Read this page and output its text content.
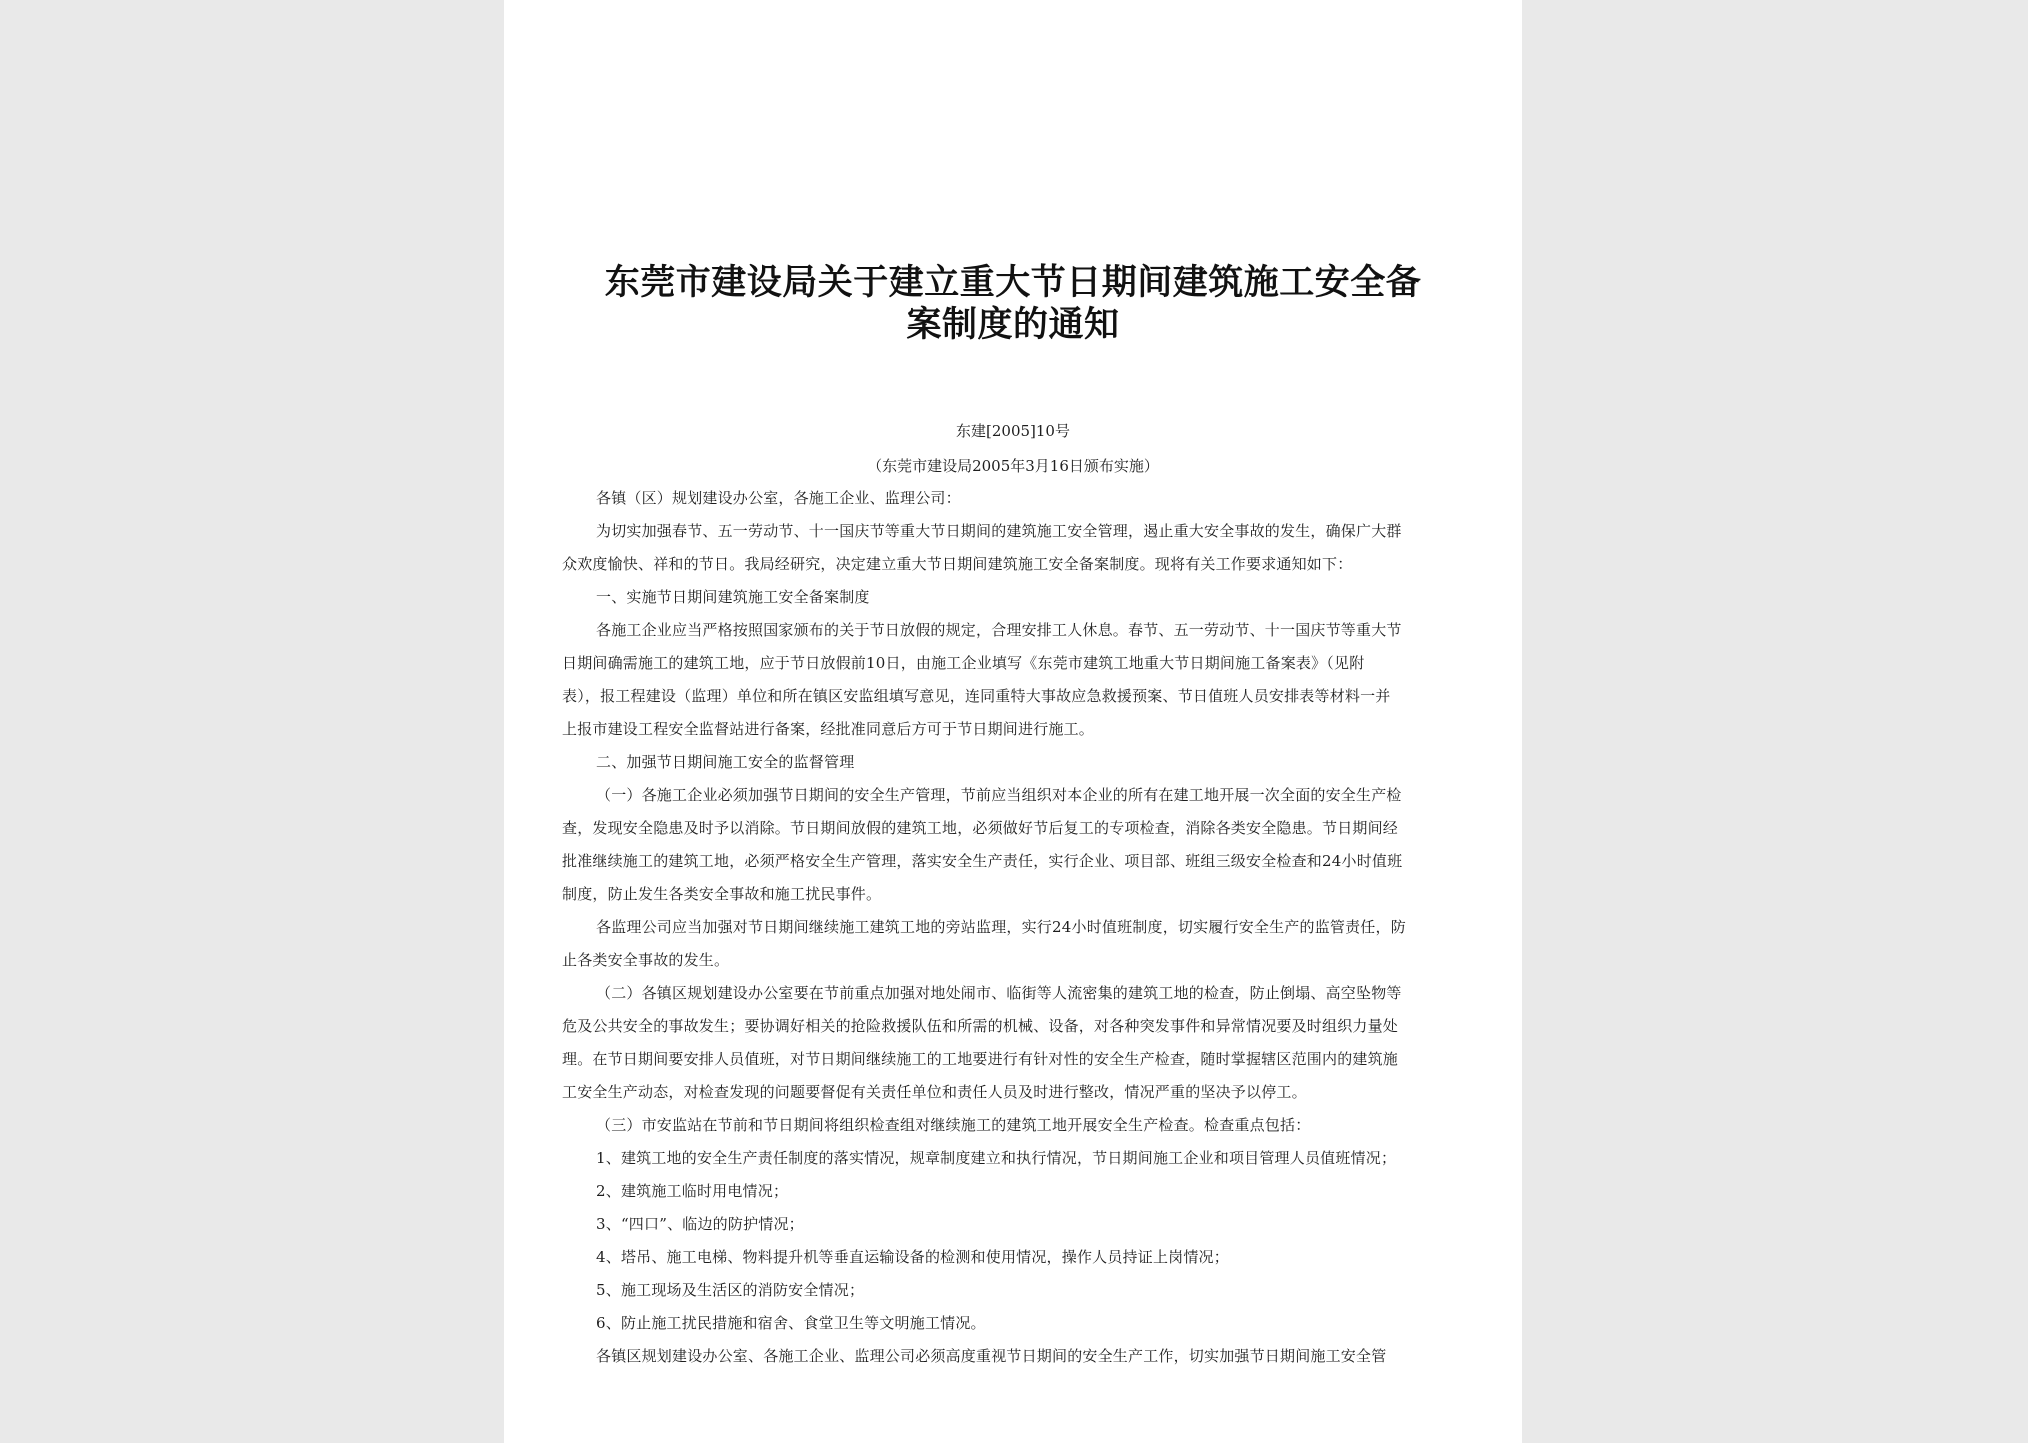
东莞市建设局关于建立重大节日期间建筑施工安全备
案制度的通知
东建[2005]10号
（东莞市建设局2005年3月16日颁布实施）
各镇（区）规划建设办公室，各施工企业、监理公司：
为切实加强春节、五一劳动节、十一国庆节等重大节日期间的建筑施工安全管理，遏止重大安全事故的发生，确保广大群
众欢度愉快、祥和的节日。我局经研究，决定建立重大节日期间建筑施工安全备案制度。现将有关工作要求通知如下：
一、实施节日期间建筑施工安全备案制度
各施工企业应当严格按照国家颁布的关于节日放假的规定，合理安排工人休息。春节、五一劳动节、十一国庆节等重大节
日期间确需施工的建筑工地，应于节日放假前10日，由施工企业填写《东莞市建筑工地重大节日期间施工备案表》（见附
表），报工程建设（监理）单位和所在镇区安监组填写意见，连同重特大事故应急救援预案、节日值班人员安排表等材料一并
上报市建设工程安全监督站进行备案，经批准同意后方可于节日期间进行施工。
二、加强节日期间施工安全的监督管理
（一）各施工企业必须加强节日期间的安全生产管理，节前应当组织对本企业的所有在建工地开展一次全面的安全生产检
查，发现安全隐患及时予以消除。节日期间放假的建筑工地，必须做好节后复工的专项检查，消除各类安全隐患。节日期间经
批准继续施工的建筑工地，必须严格安全生产管理，落实安全生产责任，实行企业、项目部、班组三级安全检查和24小时值班
制度，防止发生各类安全事故和施工扰民事件。
各监理公司应当加强对节日期间继续施工建筑工地的旁站监理，实行24小时值班制度，切实履行安全生产的监管责任，防
止各类安全事故的发生。
（二）各镇区规划建设办公室要在节前重点加强对地处闹市、临街等人流密集的建筑工地的检查，防止倒塌、高空坠物等
危及公共安全的事故发生；要协调好相关的抢险救援队伍和所需的机械、设备，对各种突发事件和异常情况要及时组织力量处
理。在节日期间要安排人员值班，对节日期间继续施工的工地要进行有针对性的安全生产检查，随时掌握辖区范围内的建筑施
工安全生产动态，对检查发现的问题要督促有关责任单位和责任人员及时进行整改，情况严重的坚决予以停工。
（三）市安监站在节前和节日期间将组织检查组对继续施工的建筑工地开展安全生产检查。检查重点包括：
1、建筑工地的安全生产责任制度的落实情况，规章制度建立和执行情况，节日期间施工企业和项目管理人员值班情况；
2、建筑施工临时用电情况；
3、“四口”、临边的防护情况；
4、塔吊、施工电梯、物料提升机等垂直运输设备的检测和使用情况，操作人员持证上岗情况；
5、施工现场及生活区的消防安全情况；
6、防止施工扰民措施和宿舍、食堂卫生等文明施工情况。
各镇区规划建设办公室、各施工企业、监理公司必须高度重视节日期间的安全生产工作，切实加强节日期间施工安全管
